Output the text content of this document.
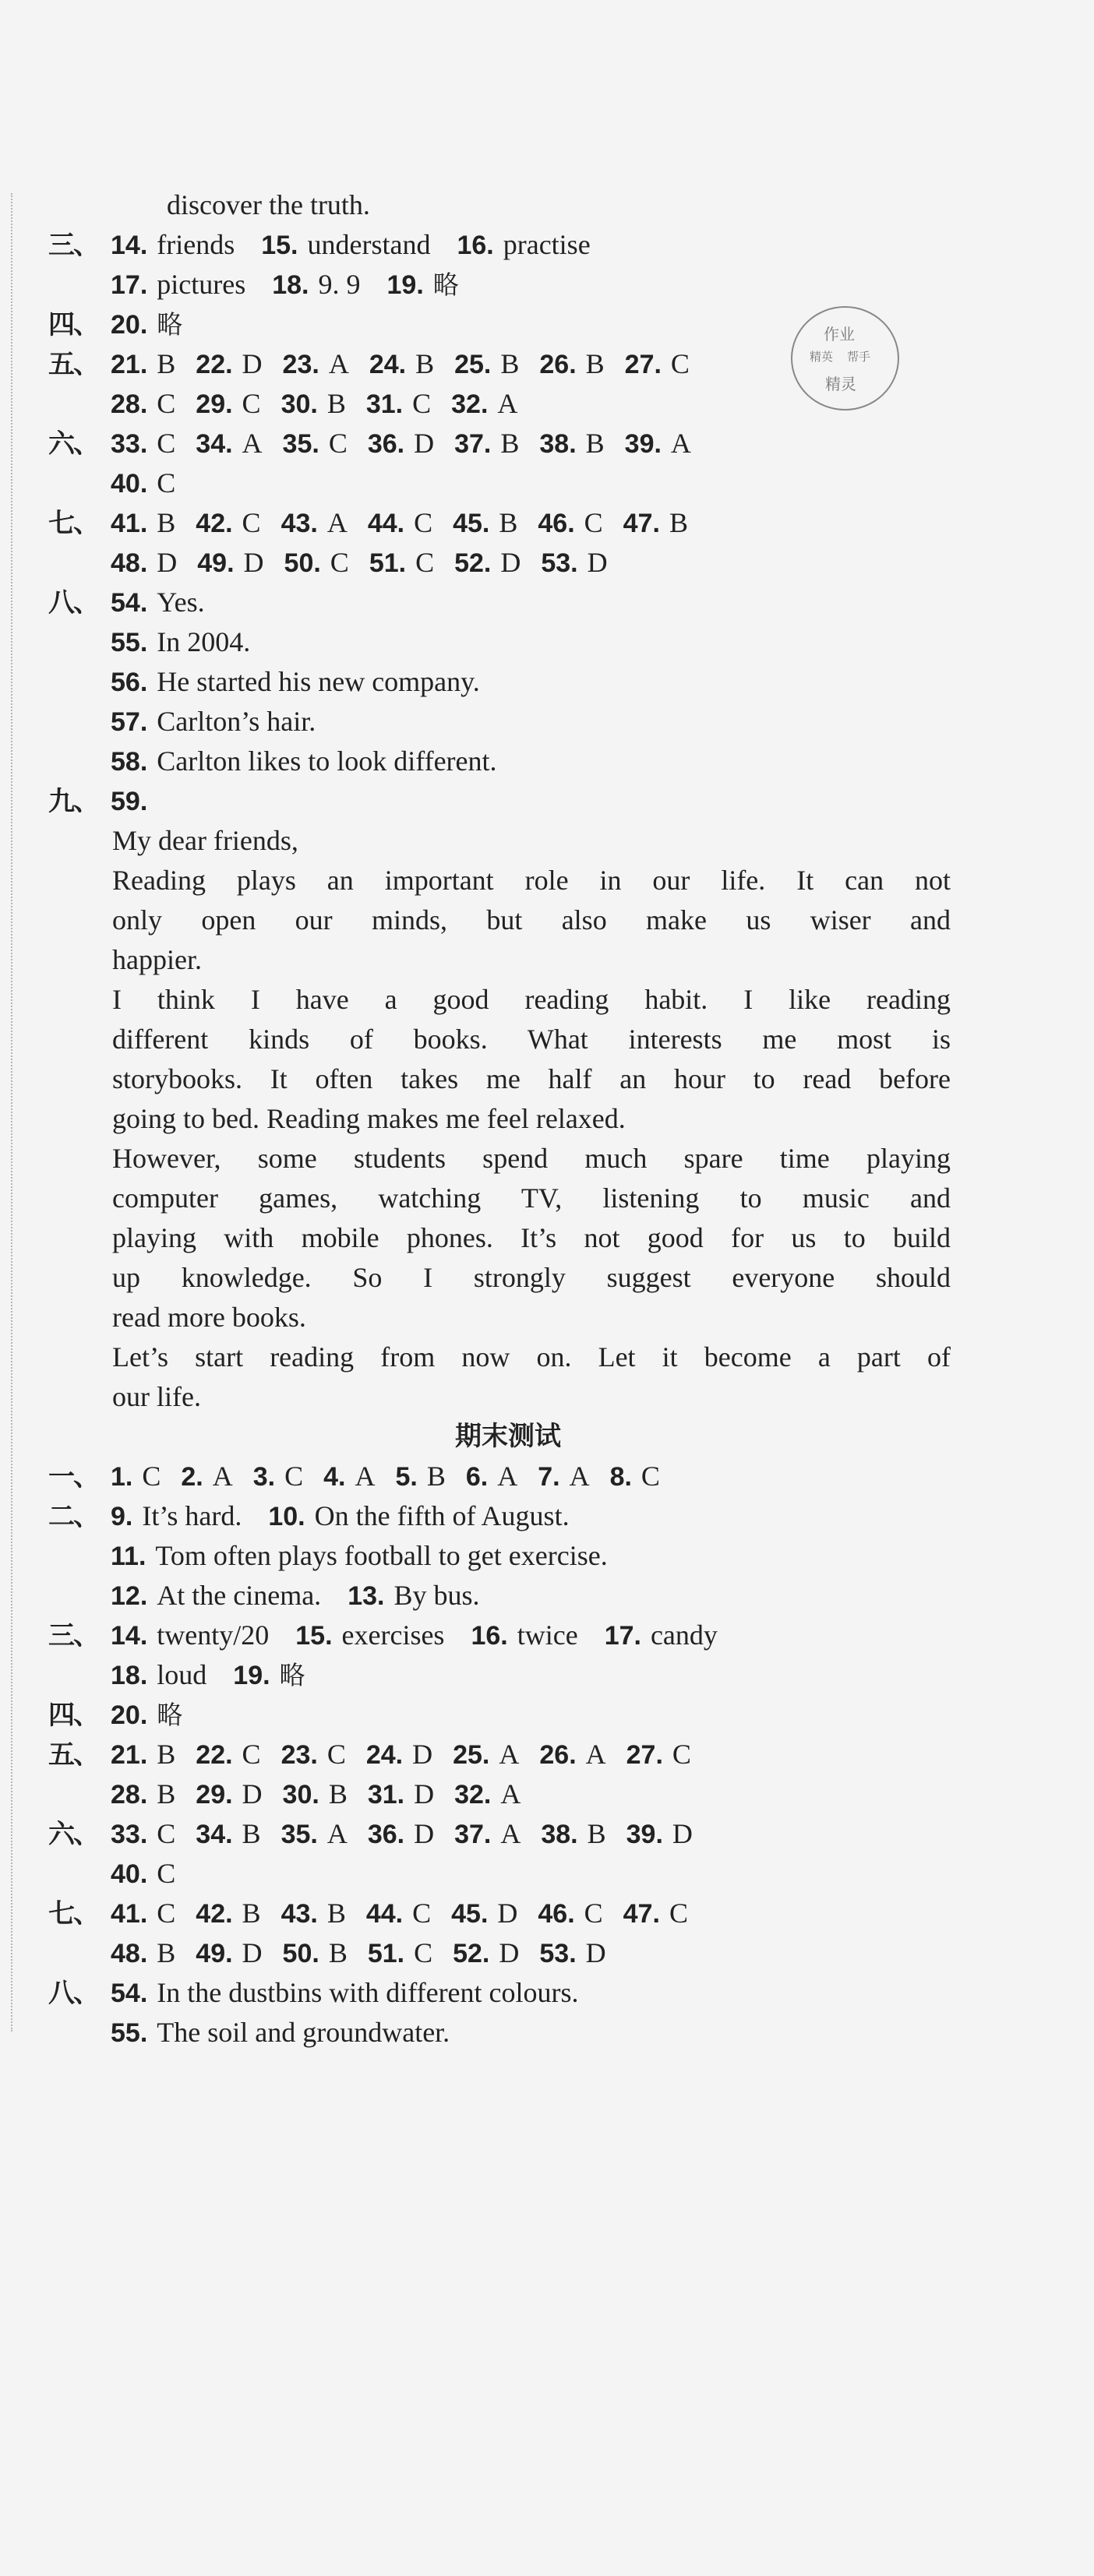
作业
精英 帮手
精灵
discover the truth.
三、 14. friends 15. understand 16. practise
17. pictures 18. 9. 9 19. 略
四、 20. 略
五、 21. B 22. D 23. A 24. B 25. B 26. B 27. C
28. C 29. C 30. B 31. C 32. A
六、 33. C 34. A 35. C 36. D 37. B 38. B 39. A
40. C
七、 41. B 42. C 43. A 44. C 45. B 46. C 47. B
48. D 49. D 50. C 51. C 52. D 53. D
八、 54. Yes.
55. In 2004.
56. He started his new company.
57. Carlton’s hair.
58. Carlton likes to look different.
九、 59.
My dear friends,
Reading plays an important role in our life. It can not
only open our minds, but also make us wiser and
happier.
I think I have a good reading habit. I like reading
different kinds of books. What interests me most is
storybooks. It often takes me half an hour to read before
going to bed. Reading makes me feel relaxed.
However, some students spend much spare time playing
computer games, watching TV, listening to music and
playing with mobile phones. It’s not good for us to build
up knowledge. So I strongly suggest everyone should
read more books.
Let’s start reading from now on. Let it become a part of
our life.
期末测试
一、 1. C 2. A 3. C 4. A 5. B 6. A 7. A 8. C
二、 9. It’s hard. 10. On the fifth of August.
11. Tom often plays football to get exercise.
12. At the cinema. 13. By bus.
三、 14. twenty/20 15. exercises 16. twice 17. candy
18. loud 19. 略
四、 20. 略
五、 21. B 22. C 23. C 24. D 25. A 26. A 27. C
28. B 29. D 30. B 31. D 32. A
六、 33. C 34. B 35. A 36. D 37. A 38. B 39. D
40. C
七、 41. C 42. B 43. B 44. C 45. D 46. C 47. C
48. B 49. D 50. B 51. C 52. D 53. D
八、 54. In the dustbins with different colours.
55. The soil and groundwater.
